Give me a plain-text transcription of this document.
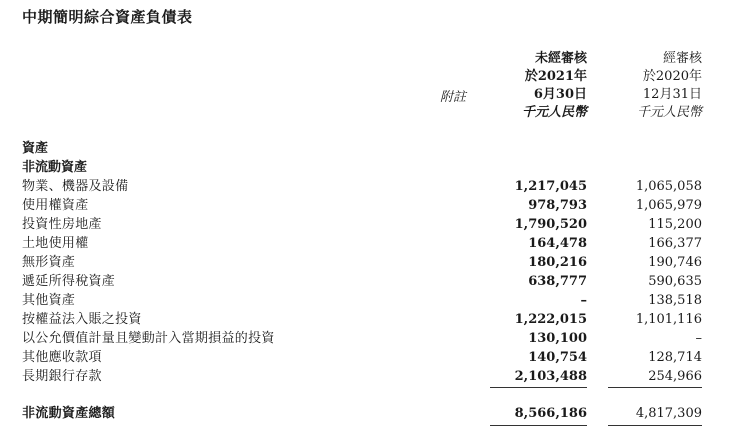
中期簡明綜合資產負債表
附註
未經審核
於2021年
6月30日
千元人民幣
經審核
於2020年
12月31日
千元人民幣
資產
非流動資產
物業、機器及設備	1,217,045	1,065,058
使用權資產	978,793	1,065,979
投資性房地產	1,790,520	115,200
土地使用權	164,478	166,377
無形資產	180,216	190,746
遞延所得稅資產	638,777	590,635
其他資產	–	138,518
按權益法入賬之投資	1,222,015	1,101,116
以公允價值計量且變動計入當期損益的投資	130,100	–
其他應收款項	140,754	128,714
長期銀行存款	2,103,488	254,966
非流動資產總額	8,566,186	4,817,309
